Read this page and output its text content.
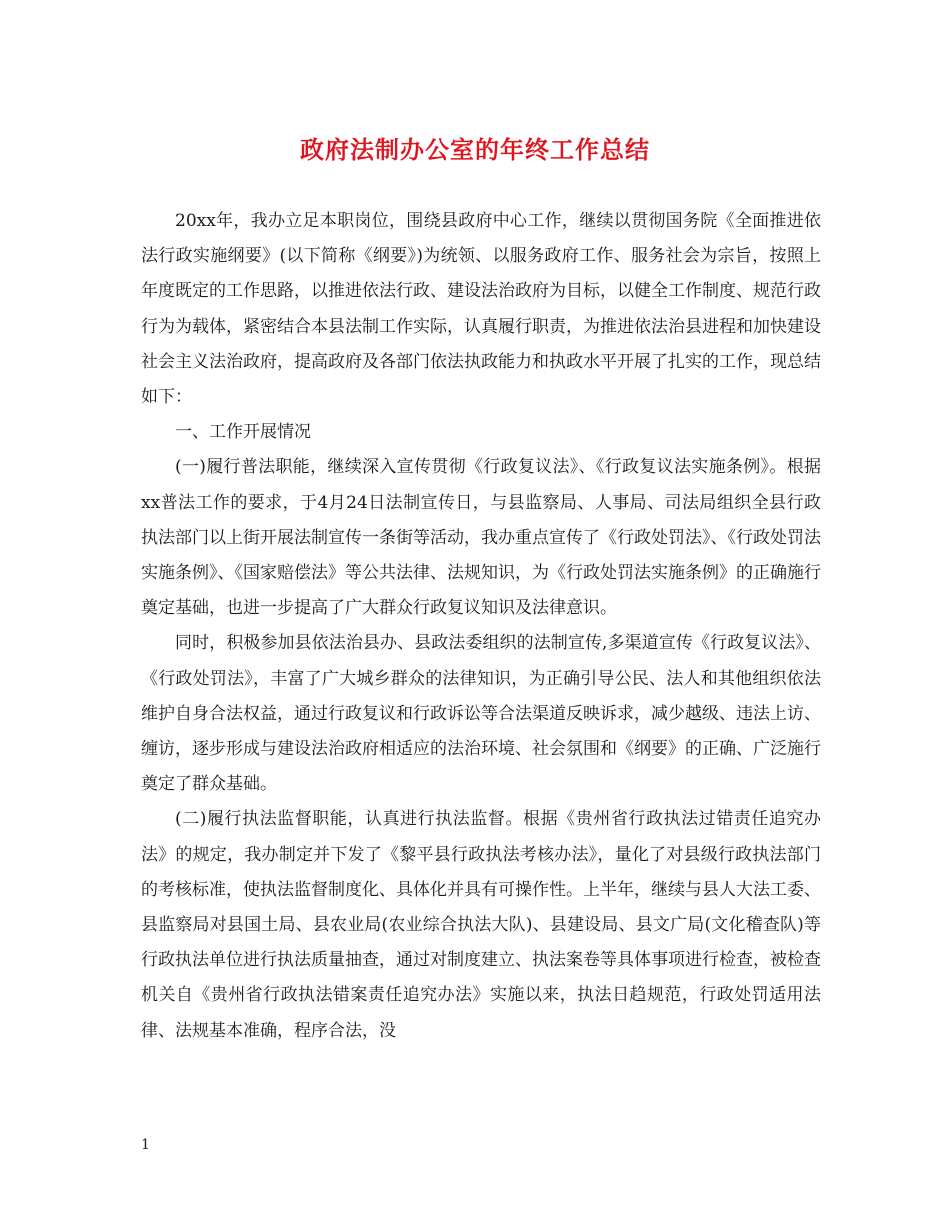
政府法制办公室的年终工作总结

20xx年，我办立足本职岗位，围绕县政府中心工作，继续以贯彻国务院《全面推进依法行政实施纲要》(以下简称《纲要》)为统领、以服务政府工作、服务社会为宗旨，按照上年度既定的工作思路，以推进依法行政、建设法治政府为目标，以健全工作制度、规范行政行为为载体，紧密结合本县法制工作实际，认真履行职责，为推进依法治县进程和加快建设社会主义法治政府，提高政府及各部门依法执政能力和执政水平开展了扎实的工作，现总结如下：

一、工作开展情况

(一)履行普法职能，继续深入宣传贯彻《行政复议法》、《行政复议法实施条例》。根据 xx普法工作的要求，于4月24日法制宣传日，与县监察局、人事局、司法局组织全县行政执法部门以上街开展法制宣传一条街等活动，我办重点宣传了《行政处罚法》、《行政处罚法实施条例》、《国家赔偿法》等公共法律、法规知识，为《行政处罚法实施条例》的正确施行奠定基础，也进一步提高了广大群众行政复议知识及法律意识。

同时，积极参加县依法治县办、县政法委组织的法制宣传,多渠道宣传《行政复议法》、《行政处罚法》，丰富了广大城乡群众的法律知识，为正确引导公民、法人和其他组织依法维护自身合法权益，通过行政复议和行政诉讼等合法渠道反映诉求，减少越级、违法上访、缠访，逐步形成与建设法治政府相适应的法治环境、社会氛围和《纲要》的正确、广泛施行奠定了群众基础。

(二)履行执法监督职能，认真进行执法监督。根据《贵州省行政执法过错责任追究办法》的规定，我办制定并下发了《黎平县行政执法考核办法》，量化了对县级行政执法部门的考核标准，使执法监督制度化、具体化并具有可操作性。上半年，继续与县人大法工委、县监察局对县国土局、县农业局(农业综合执法大队)、县建设局、县文广局(文化稽查队)等行政执法单位进行执法质量抽查，通过对制度建立、执法案卷等具体事项进行检查，被检查机关自《贵州省行政执法错案责任追究办法》实施以来，执法日趋规范，行政处罚适用法律、法规基本准确，程序合法，没

1
